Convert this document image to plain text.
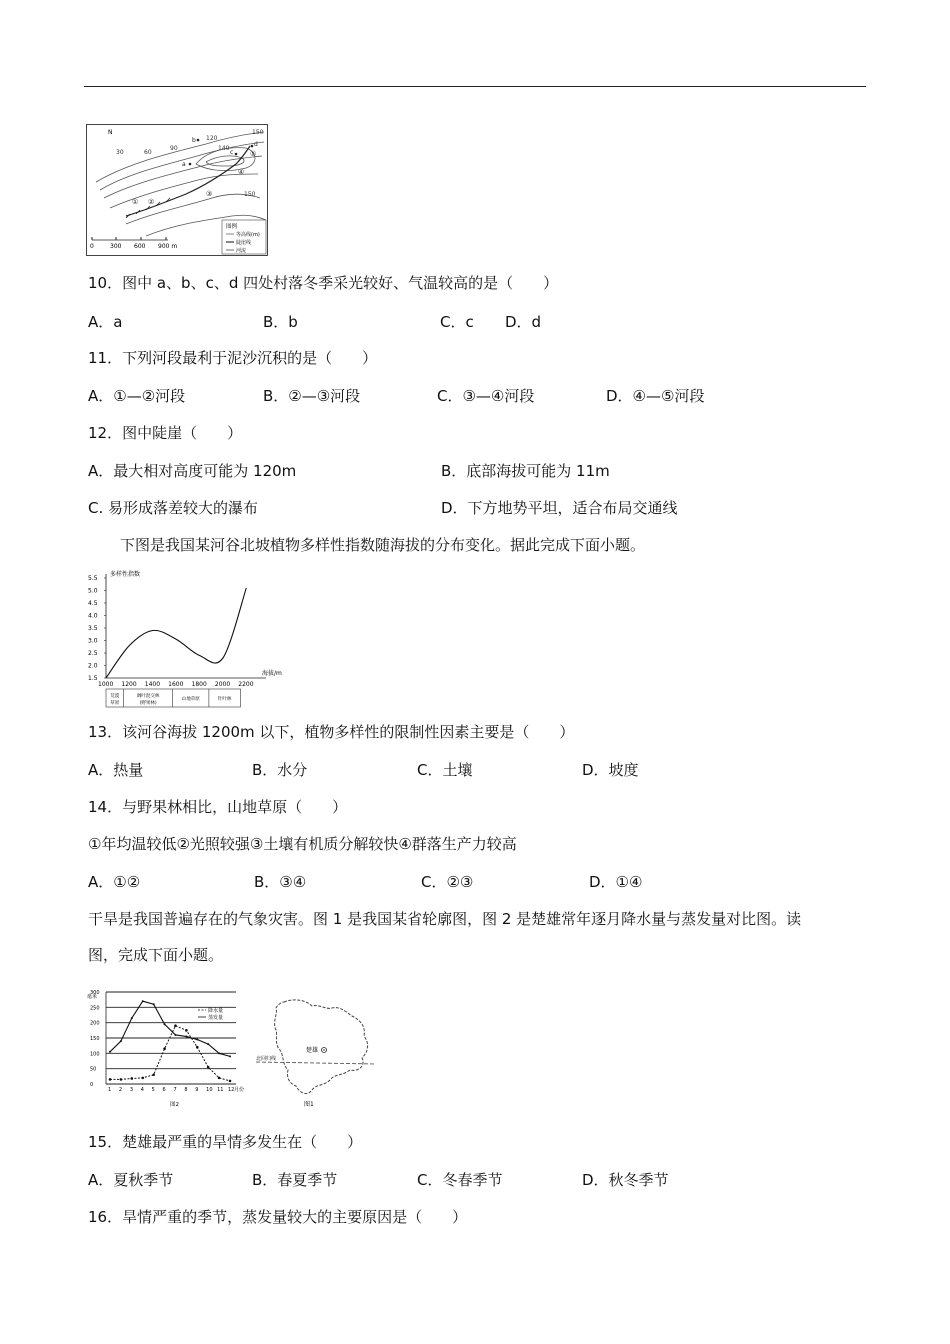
30	60
90
120
140
150
150
N
a
b
c
d
① ②
③
④
⑤
0	300 600 900 m
图例
等高线(m)
陡崖线
河流
10．图中 a、b、c、d 四处村落冬季采光较好、气温较高的是（　　）
A．a	B．b	C．c D．d
11．下列河段最利于泥沙沉积的是（　　）
A．①—②河段	B．②—③河段	C．③—④河段	D．④—⑤河段
12．图中陡崖（　　）
A．最大相对高度可能为 120m	B．底部海拔可能为 11m
C. 易形成落差较大的瀑布	D．下方地势平坦，适合布局交通线
下图是我国某河谷北坡植物多样性指数随海拔的分布变化。据此完成下面小题。
多样性指数
海拔/m
1.5
2.0
2.5
3.0
3.5
4.0
4.5
5.0
5.5
1000 1200 1400 1600 1800 2000 2200
荒漠
草原
阔叶混交林
(野果林)
山地草原	针叶林
13．该河谷海拔 1200m 以下，植物多样性的限制性因素主要是（　　）
A．热量	B．水分	C．土壤	D．坡度
14．与野果林相比，山地草原（　　）
①年均温较低②光照较强③土壤有机质分解较快④群落生产力较高
A．①②	B．③④	C．②③	D．①④
干旱是我国普遍存在的气象灾害。图 1 是我国某省轮廓图，图 2 是楚雄常年逐月降水量与蒸发量对比图。读
图，完成下面小题。
毫米
0
50
100
150
200
250
300
1 2 3 4 5 6 7 8 9 10 11 12 月份
降水量
蒸发量
图2
楚雄
北回归线
图1
15．楚雄最严重的旱情多发生在（　　）
A．夏秋季节	B．春夏季节	C．冬春季节	D．秋冬季节
16．旱情严重的季节，蒸发量较大的主要原因是（　　）
